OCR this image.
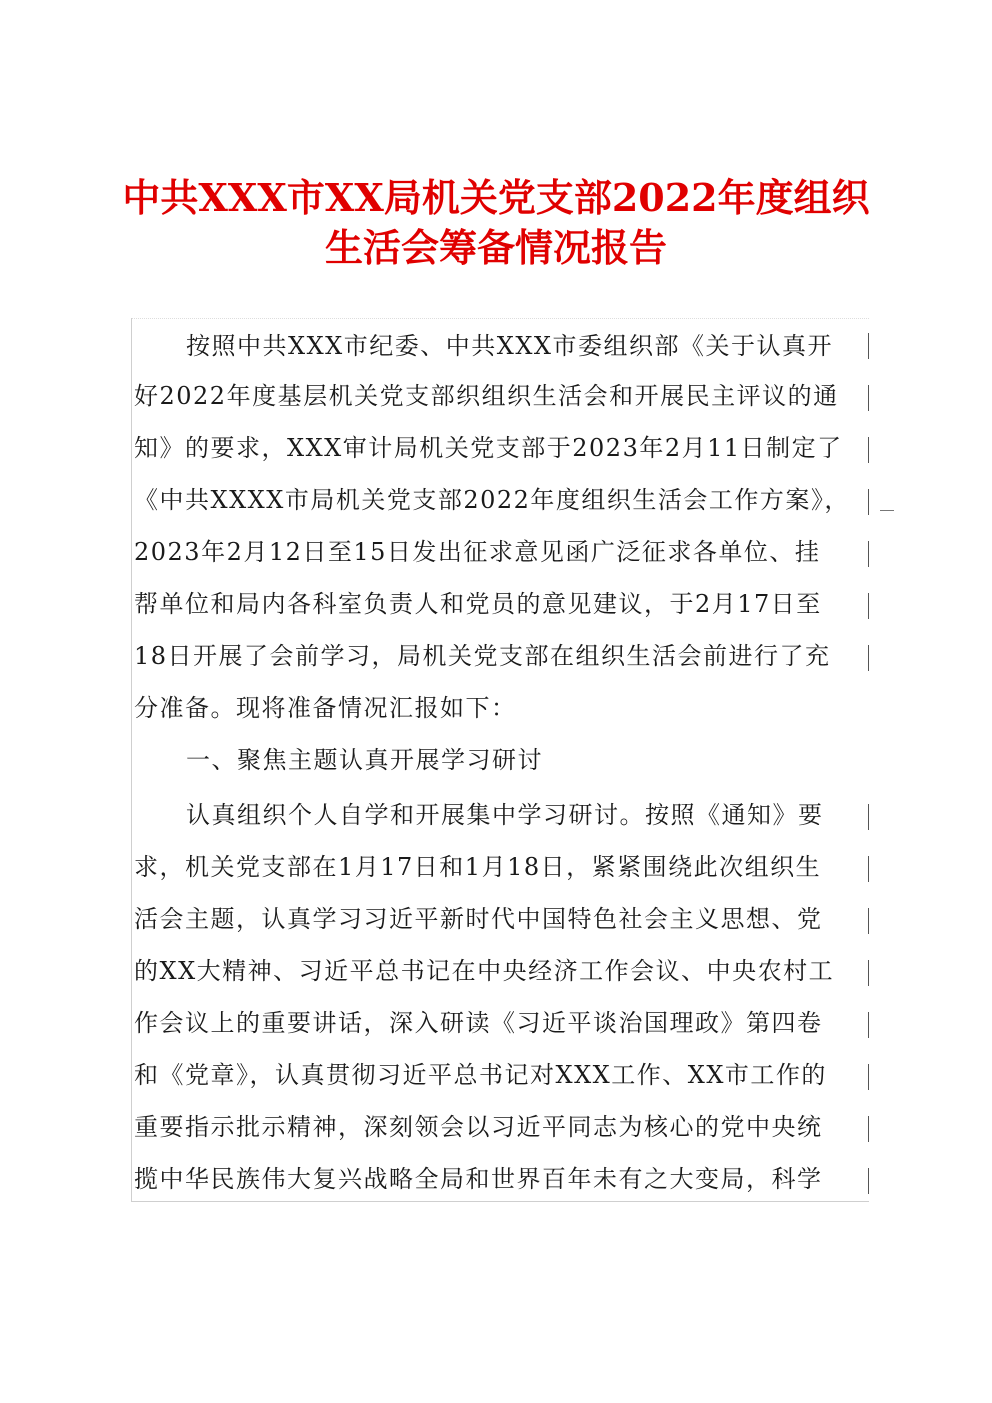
中共XXX市XX局机关党支部2022年度组织
生活会筹备情况报告
按照中共XXX市纪委、中共XXX市委组织部《关于认真开
好2022年度基层机关党支部织组织生活会和开展民主评议的通
知》的要求，XXX审计局机关党支部于2023年2月11日制定了
《中共XXXX市局机关党支部2022年度组织生活会工作方案》，
2023年2月12日至15日发出征求意见函广泛征求各单位、挂
帮单位和局内各科室负责人和党员的意见建议，于2月17日至
18日开展了会前学习，局机关党支部在组织生活会前进行了充
分准备。现将准备情况汇报如下：
一、聚焦主题认真开展学习研讨
认真组织个人自学和开展集中学习研讨。按照《通知》要
求，机关党支部在1月17日和1月18日，紧紧围绕此次组织生
活会主题，认真学习习近平新时代中国特色社会主义思想、党
的XX大精神、习近平总书记在中央经济工作会议、中央农村工
作会议上的重要讲话，深入研读《习近平谈治国理政》第四卷
和《党章》，认真贯彻习近平总书记对XXX工作、XX市工作的
重要指示批示精神，深刻领会以习近平同志为核心的党中央统
揽中华民族伟大复兴战略全局和世界百年未有之大变局，科学
